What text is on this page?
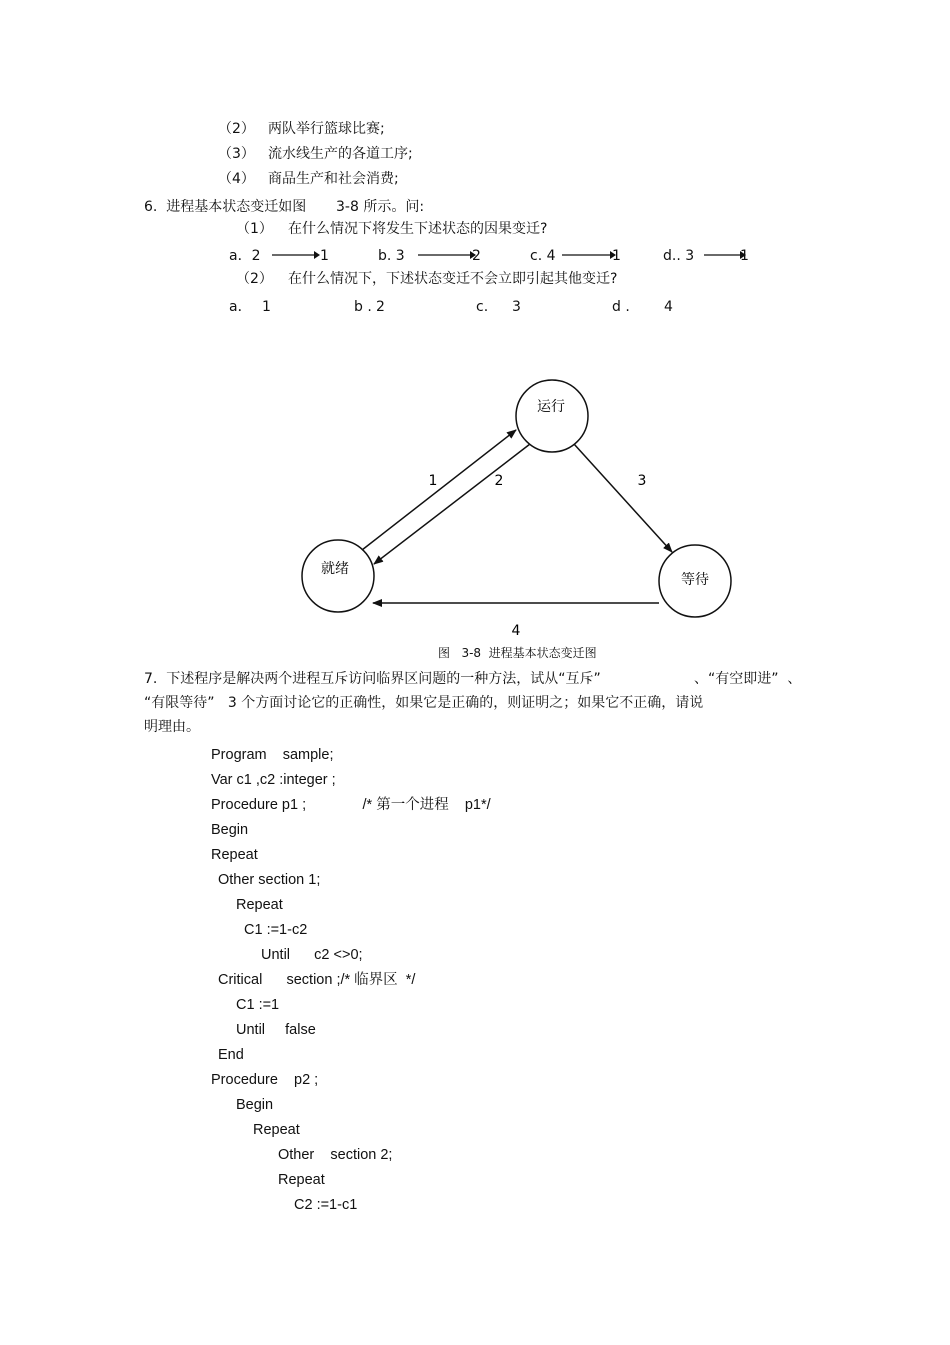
（2） 两队举行篮球比赛;
（3） 流水线生产的各道工序;
（4） 商品生产和社会消费;
6.  进程基本状态变迁如图 3-8 所示。问:
（1） 在什么情况下将发生下述状态的因果变迁?
a．2	1	b. 3	2	c. 4	1	d.. 3	1
（2） 在什么情况下，下述状态变迁不会立即引起其他变迁?
a． 1	b . 2	c. 3	d . 4
运行
就绪
等待
1	2	3
4
图   3-8  进程基本状态变迁图
7.  下述程序是解决两个进程互斥访问临界区问题的一种方法，试从“互斥”	、“有空即进”  、
“有限等待”   3 个方面讨论它的正确性，如果它是正确的，则证明之；如果它不正确，请说
明理由。
Program    sample;
Var c1 ,c2 :integer ;
Procedure p1 ;              /* 第一个进程    p1*/
Begin
Repeat
Other section 1;
Repeat
C1 :=1-c2
Until      c2 <>0;
Critical      section ;/* 临界区  */
C1 :=1
Until     false
End
Procedure    p2 ;
Begin
Repeat
Other    section 2;
Repeat
C2 :=1-c1
